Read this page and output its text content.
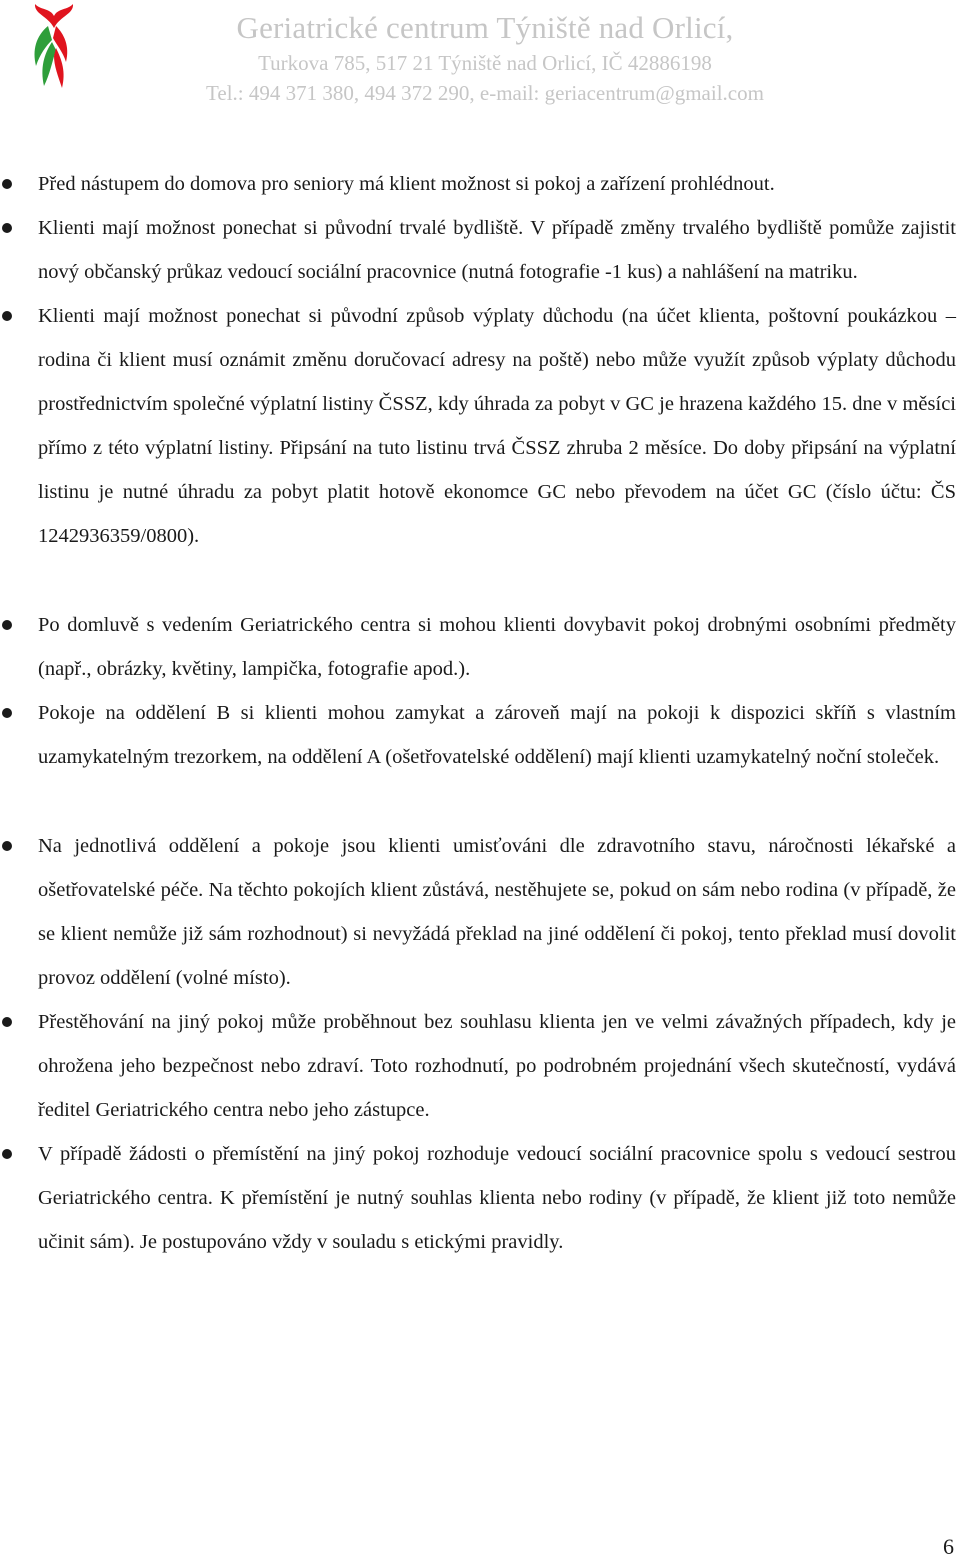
Geriatrické centrum Týniště nad Orlicí,
Turkova 785, 517 21 Týniště nad Orlicí, IČ 42886198
Tel.: 494 371 380, 494 372 290, e-mail: geriacentrum@gmail.com
Před nástupem do domova pro seniory má klient možnost si pokoj a zařízení prohlédnout.
Klienti mají možnost ponechat si původní trvalé bydliště. V případě změny trvalého bydliště pomůže zajistit nový občanský průkaz vedoucí sociální pracovnice (nutná fotografie -1 kus) a nahlášení na matriku.
Klienti mají možnost ponechat si původní způsob výplaty důchodu (na účet klienta, poštovní poukázkou – rodina či klient musí oznámit změnu doručovací adresy na poště) nebo může využít způsob výplaty důchodu prostřednictvím společné výplatní listiny ČSSZ, kdy úhrada za pobyt v GC je hrazena každého 15. dne v měsíci přímo z této výplatní listiny. Připsání na tuto listinu trvá ČSSZ zhruba 2 měsíce. Do doby připsání na výplatní listinu je nutné úhradu za pobyt platit hotově ekonomce GC nebo převodem na účet GC (číslo účtu: ČS 1242936359/0800).
Po domluvě s vedením Geriatrického centra si mohou klienti dovybavit pokoj drobnými osobními předměty (např., obrázky, květiny, lampička, fotografie apod.).
Pokoje na oddělení B si klienti mohou zamykat a zároveň mají na pokoji k dispozici skříň s vlastním uzamykatelným trezorkem, na oddělení A (ošetřovatelské oddělení) mají klienti uzamykatelný noční stoleček.
Na jednotlivá oddělení a pokoje jsou klienti umisťováni dle zdravotního stavu, náročnosti lékařské a ošetřovatelské péče. Na těchto pokojích klient zůstává, nestěhujete se, pokud on sám nebo rodina (v případě, že se klient nemůže již sám rozhodnout) si nevyžádá překlad na jiné oddělení či pokoj, tento překlad musí dovolit provoz oddělení (volné místo).
Přestěhování na jiný pokoj může proběhnout bez souhlasu klienta jen ve velmi závažných případech, kdy je ohrožena jeho bezpečnost nebo zdraví. Toto rozhodnutí, po podrobném projednání všech skutečností, vydává ředitel Geriatrického centra nebo jeho zástupce.
V případě žádosti o přemístění na jiný pokoj rozhoduje vedoucí sociální pracovnice spolu s vedoucí sestrou Geriatrického centra. K přemístění je nutný souhlas klienta nebo rodiny (v případě, že klient již toto nemůže učinit sám). Je postupováno vždy v souladu s etickými pravidly.
6
